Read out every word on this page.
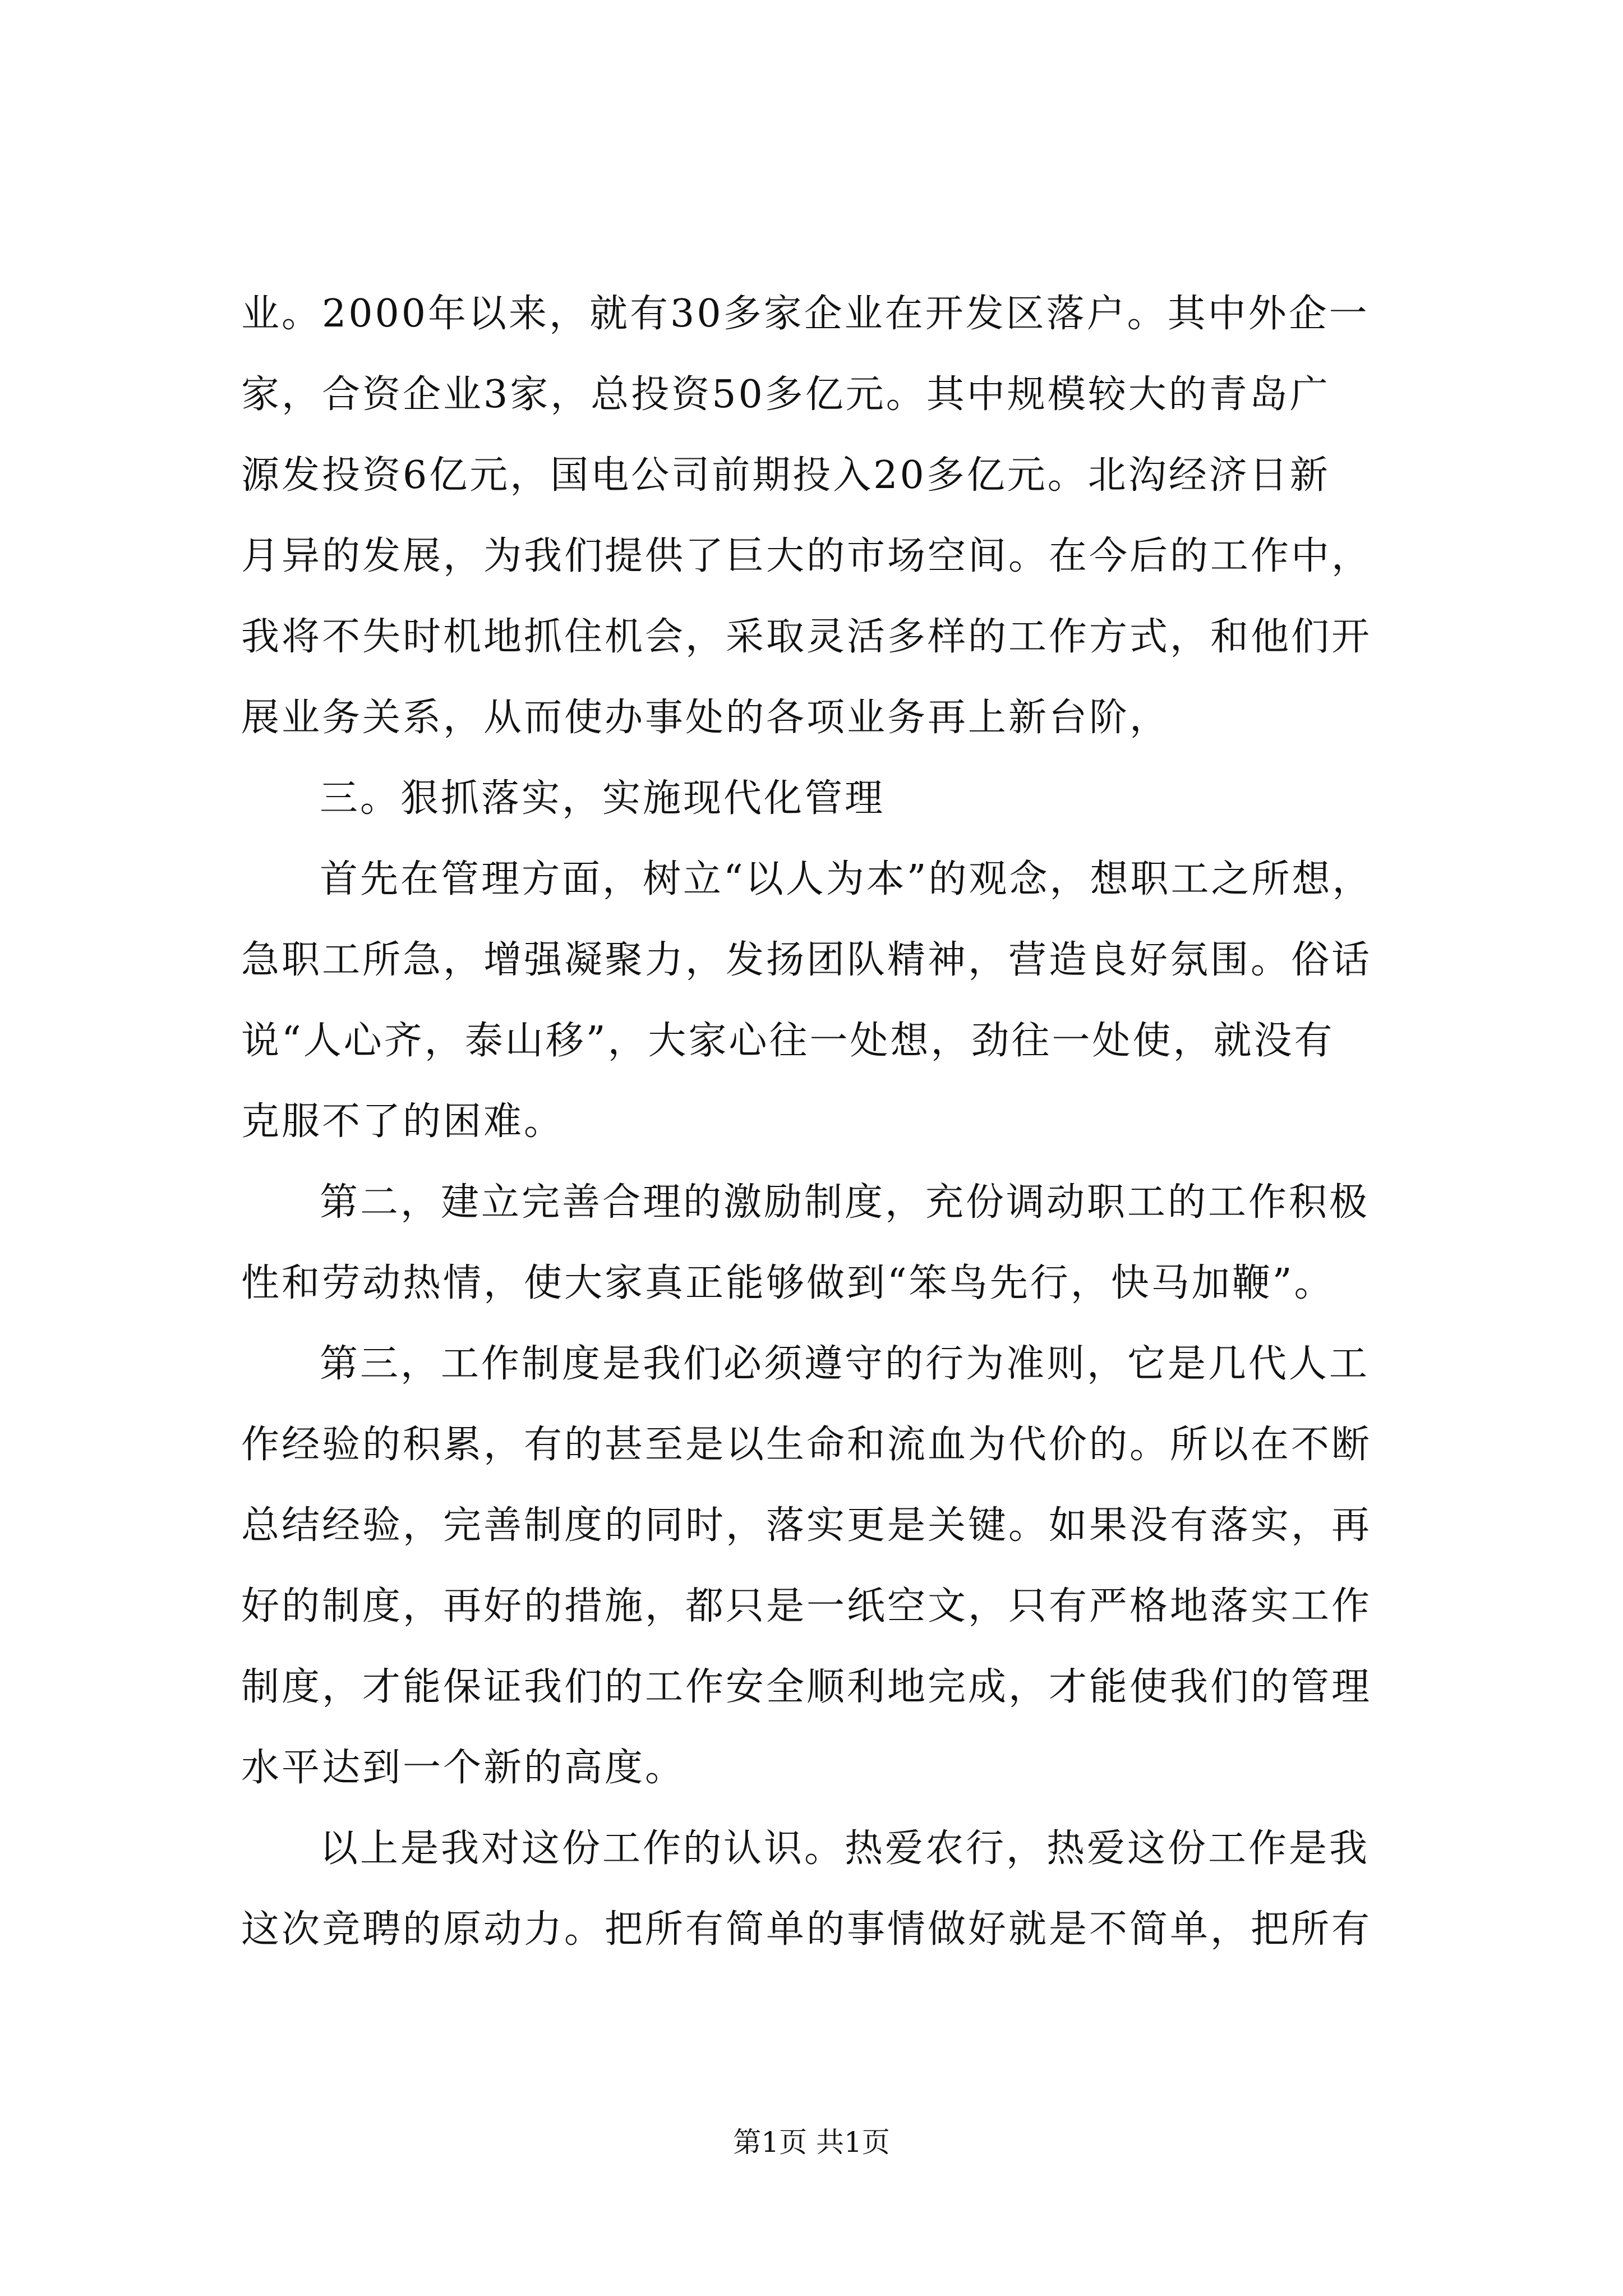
业。2000年以来，就有30多家企业在开发区落户。其中外企一
家，合资企业3家，总投资50多亿元。其中规模较大的青岛广
源发投资6亿元，国电公司前期投入20多亿元。北沟经济日新
月异的发展，为我们提供了巨大的市场空间。在今后的工作中，
我将不失时机地抓住机会，采取灵活多样的工作方式，和他们开
展业务关系，从而使办事处的各项业务再上新台阶，
三。狠抓落实，实施现代化管理
首先在管理方面，树立“以人为本”的观念，想职工之所想，
急职工所急，增强凝聚力，发扬团队精神，营造良好氛围。俗话
说“人心齐，泰山移”，大家心往一处想，劲往一处使，就没有
克服不了的困难。
第二，建立完善合理的激励制度，充份调动职工的工作积极
性和劳动热情，使大家真正能够做到“笨鸟先行，快马加鞭”。
第三，工作制度是我们必须遵守的行为准则，它是几代人工
作经验的积累，有的甚至是以生命和流血为代价的。所以在不断
总结经验，完善制度的同时，落实更是关键。如果没有落实，再
好的制度，再好的措施，都只是一纸空文，只有严格地落实工作
制度，才能保证我们的工作安全顺利地完成，才能使我们的管理
水平达到一个新的高度。
以上是我对这份工作的认识。热爱农行，热爱这份工作是我
这次竞聘的原动力。把所有简单的事情做好就是不简单，把所有
第1页 共1页
